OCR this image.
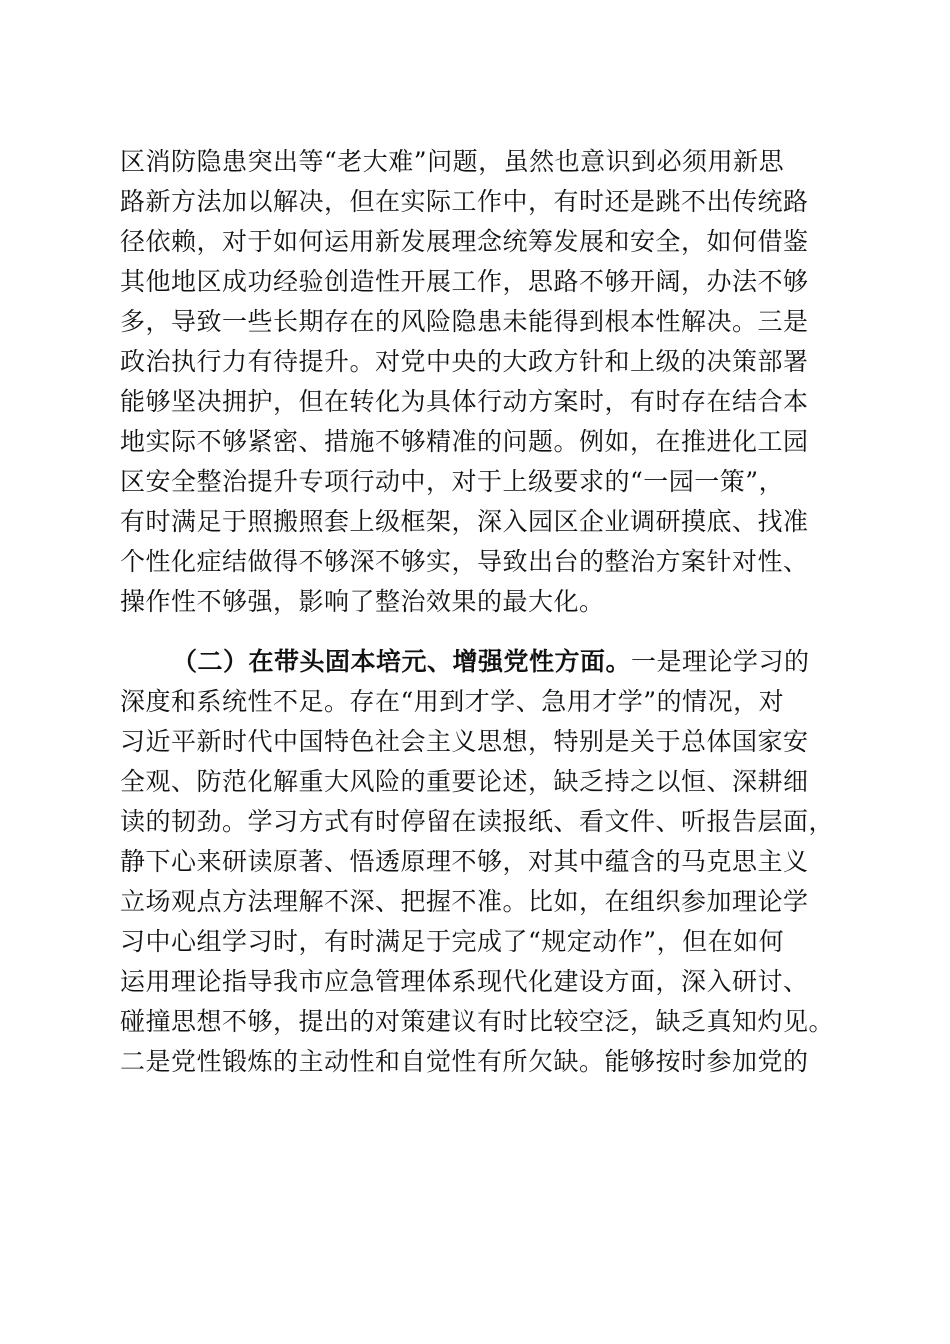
区消防隐患突出等“老大难”问题，虽然也意识到必须用新思
路新方法加以解决，但在实际工作中，有时还是跳不出传统路
径依赖，对于如何运用新发展理念统筹发展和安全，如何借鉴
其他地区成功经验创造性开展工作，思路不够开阔，办法不够
多，导致一些长期存在的风险隐患未能得到根本性解决。三是
政治执行力有待提升。对党中央的大政方针和上级的决策部署
能够坚决拥护，但在转化为具体行动方案时，有时存在结合本
地实际不够紧密、措施不够精准的问题。例如，在推进化工园
区安全整治提升专项行动中，对于上级要求的“一园一策”，
有时满足于照搬照套上级框架，深入园区企业调研摸底、找准
个性化症结做得不够深不够实，导致出台的整治方案针对性、
操作性不够强，影响了整治效果的最大化。
（二）在带头固本培元、增强党性方面。一是理论学习的
深度和系统性不足。存在“用到才学、急用才学”的情况，对
习近平新时代中国特色社会主义思想，特别是关于总体国家安
全观、防范化解重大风险的重要论述，缺乏持之以恒、深耕细
读的韧劲。学习方式有时停留在读报纸、看文件、听报告层面，
静下心来研读原著、悟透原理不够，对其中蕴含的马克思主义
立场观点方法理解不深、把握不准。比如，在组织参加理论学
习中心组学习时，有时满足于完成了“规定动作”，但在如何
运用理论指导我市应急管理体系现代化建设方面，深入研讨、
碰撞思想不够，提出的对策建议有时比较空泛，缺乏真知灼见。
二是党性锻炼的主动性和自觉性有所欠缺。能够按时参加党的
